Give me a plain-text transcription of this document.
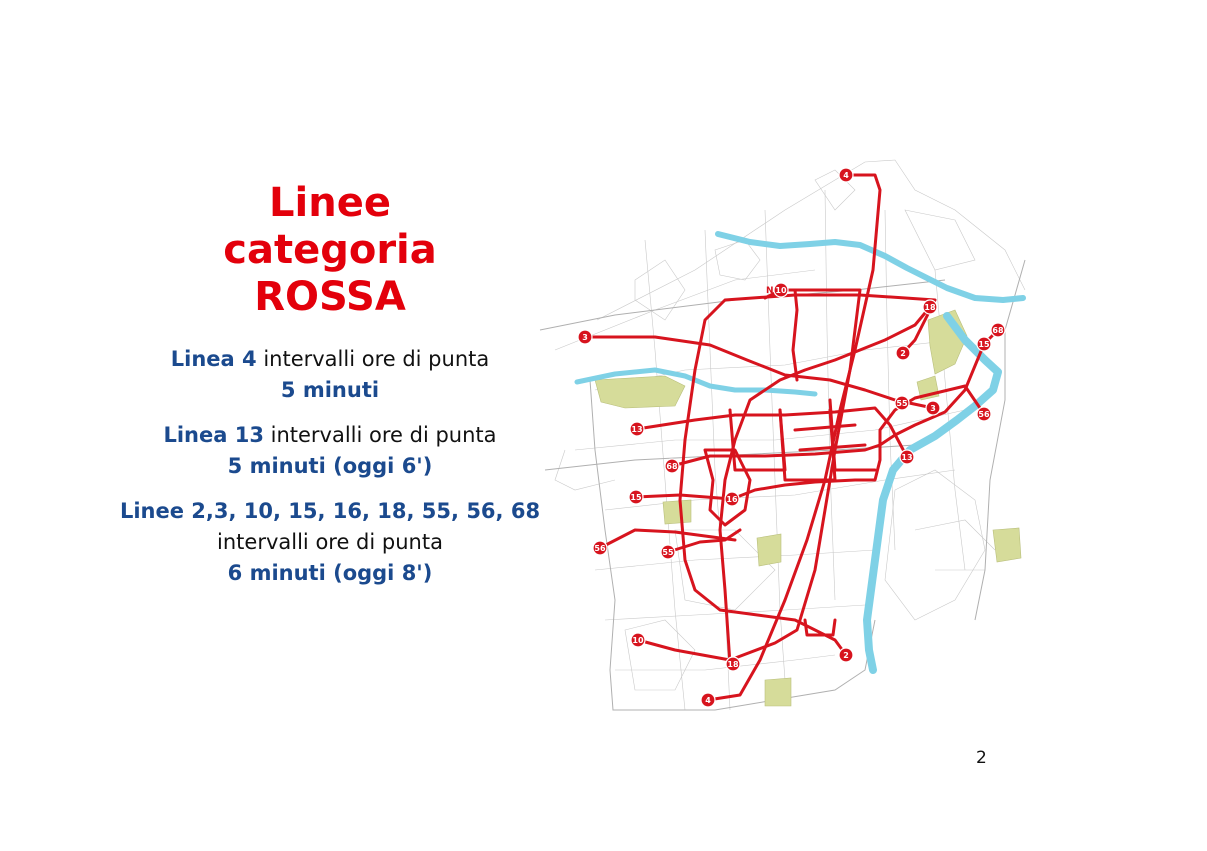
Linee
categoria
ROSSA
Linea 4 intervalli ore di punta
5 minuti
Linea 13 intervalli ore di punta
5 minuti (oggi 6')
Linee 2,3, 10, 15, 16, 18, 55, 56, 68
intervalli ore di punta
6 minuti (oggi 8')
N
4
10
18
68
15
3
2
55
3
56
13
13
68
15	16
56	55
10
2
18
4
2
